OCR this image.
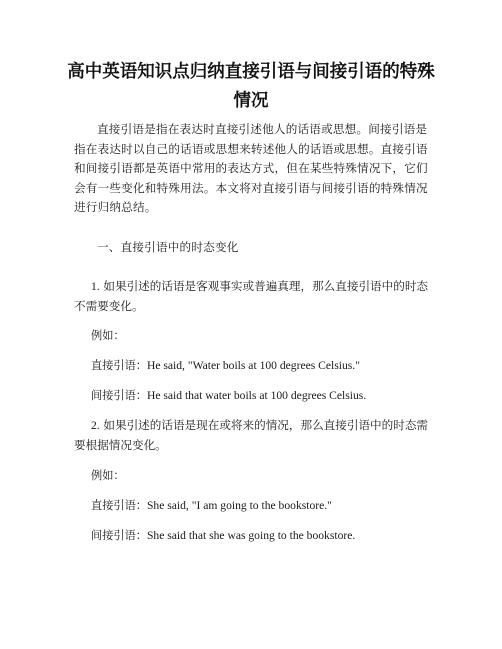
高中英语知识点归纳直接引语与间接引语的特殊情况

直接引语是指在表达时直接引述他人的话语或思想。间接引语是指在表达时以自己的话语或思想来转述他人的话语或思想。直接引语和间接引语都是英语中常用的表达方式，但在某些特殊情况下，它们会有一些变化和特殊用法。本文将对直接引语与间接引语的特殊情况进行归纳总结。

一、直接引语中的时态变化

1. 如果引述的话语是客观事实或普遍真理，那么直接引语中的时态不需要变化。

例如：

直接引语：He said, "Water boils at 100 degrees Celsius."

间接引语：He said that water boils at 100 degrees Celsius.

2. 如果引述的话语是现在或将来的情况，那么直接引语中的时态需要根据情况变化。

例如：

直接引语：She said, "I am going to the bookstore."

间接引语：She said that she was going to the bookstore.
